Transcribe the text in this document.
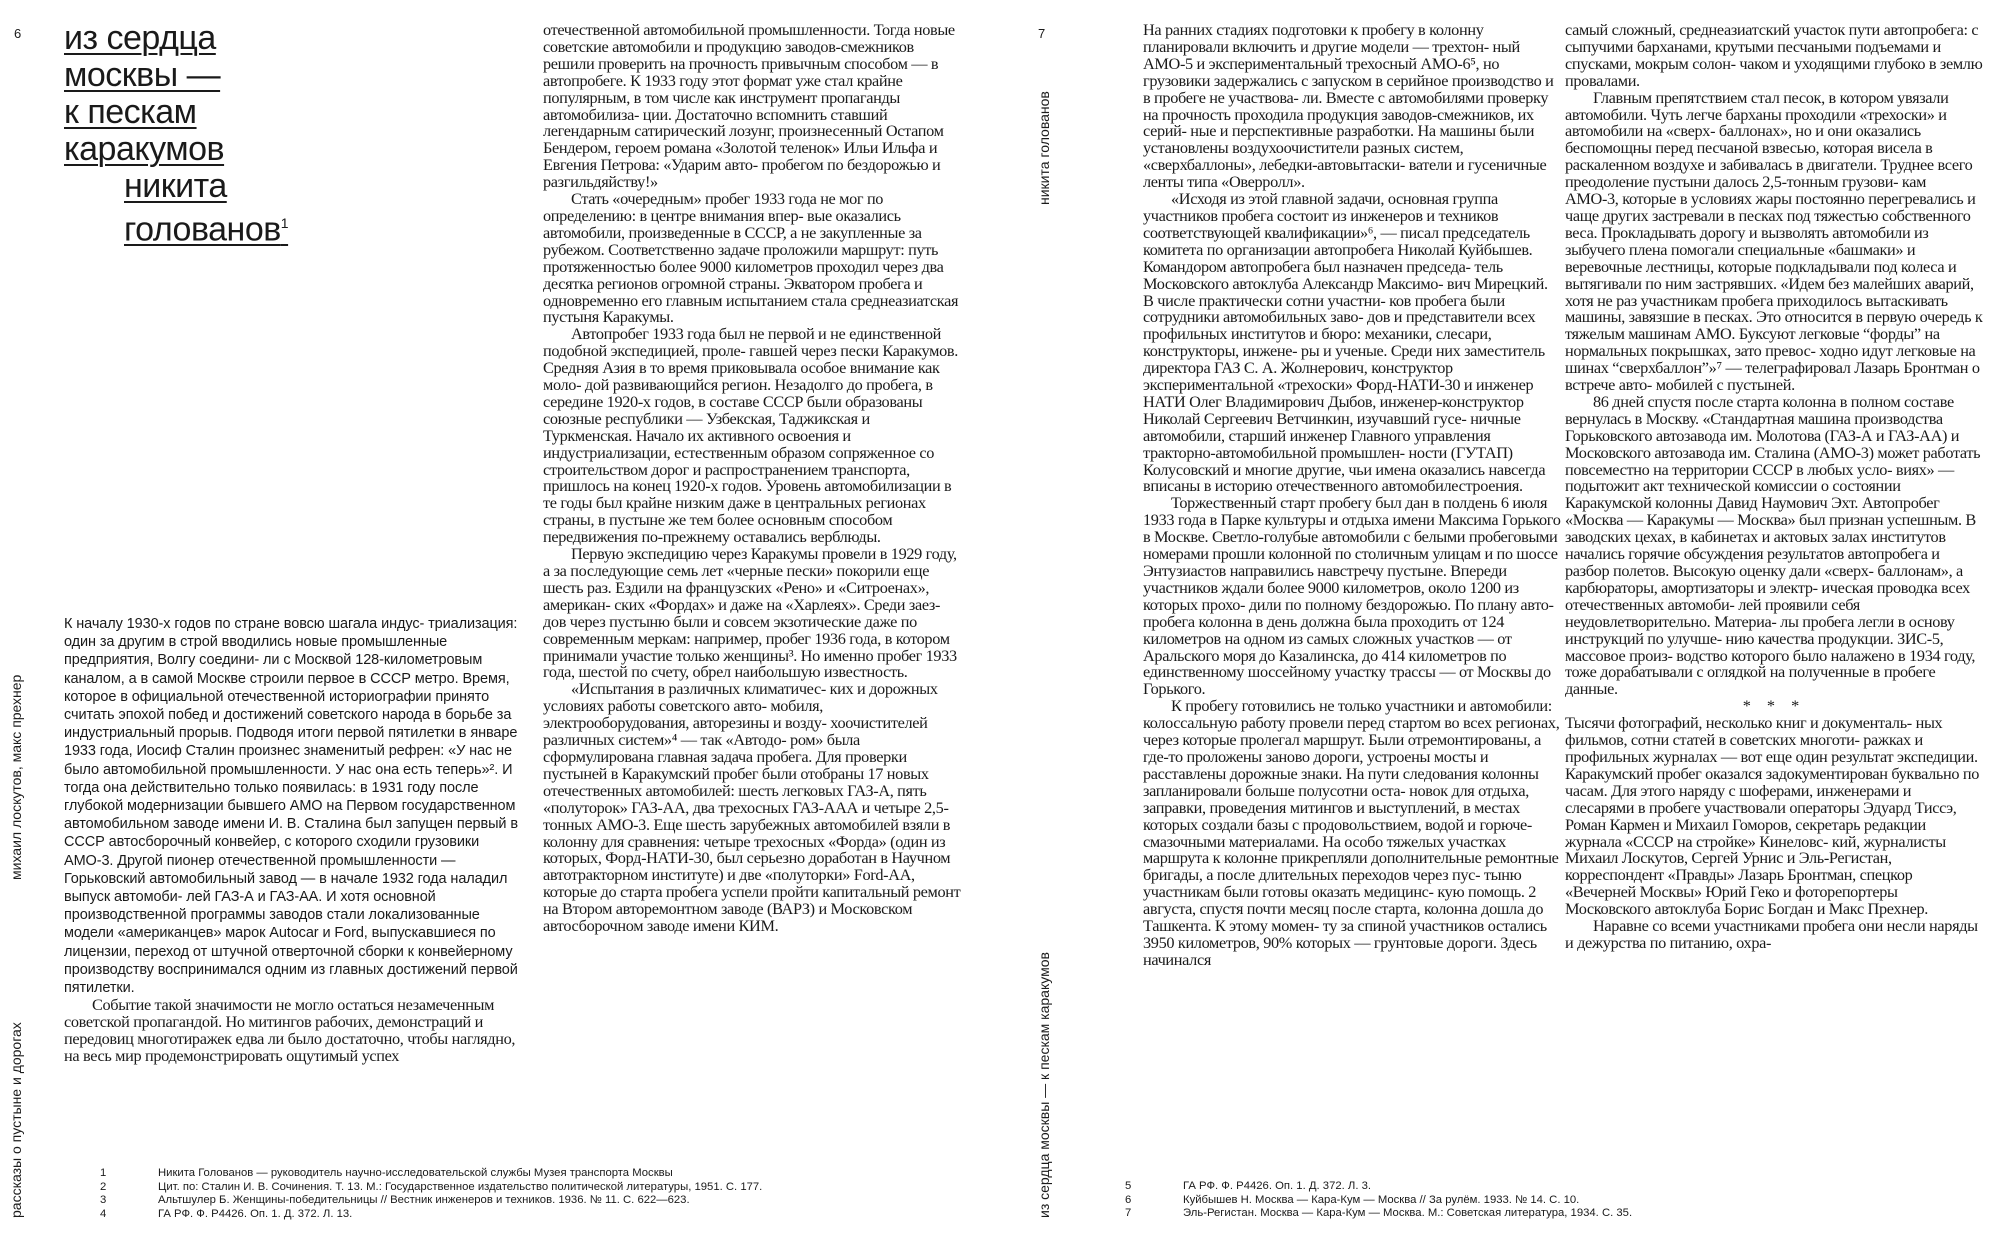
6 из сердца
москвы —
к пескам
каракумов
никита
голованов$^1$
рассказы о пустыне и дорогах
михаил лоскутов, макс прехнер

К началу 1930-х годов по стране вовсю шагала индус- триализация: один за другим в строй вводились новые промышленные предприятия, Волгу соедини- ли с Москвой 128-километровым каналом, а в самой Москве строили первое в СССР метро. Время, которое в официальной отечественной историографии принято считать эпохой побед и достижений советского народа в борьбе за индустриальный прорыв. Подводя итоги первой пятилетки в январе 1933 года, Иосиф Сталин произнес знаменитый рефрен: «У нас не было автомобильной промышленности. У нас она есть теперь»². И тогда она действительно только появилась: в 1931 году после глубокой модернизации бывшего АМО на Первом государственном автомобильном заводе имени И. В. Сталина был запущен первый в СССР автосборочный конвейер, с которого сходили грузовики АМО-3. Другой пионер отечественной промышленности — Горьковский автомобильный завод — в начале 1932 года наладил выпуск автомоби- лей ГАЗ-А и ГАЗ-АА. И хотя основной производственной программы заводов стали локализованные модели «американцев» марок Autocar и Ford, выпускавшиеся по лицензии, переход от штучной отверточной сборки к конвейерному производству воспринимался одним из главных достижений первой пятилетки.

Событие такой значимости не могло остаться незамеченным советской пропагандой. Но митингов рабочих, демонстраций и передовиц многотиражек едва ли было достаточно, чтобы наглядно, на весь мир продемонстрировать ощутимый успех

отечественной автомобильной промышленности. Тогда новые советские автомобили и продукцию заводов-смежников решили проверить на прочность привычным способом — в автопробеге. К 1933 году этот формат уже стал крайне популярным, в том числе как инструмент пропаганды автомобилиза- ции. Достаточно вспомнить ставший легендарным сатирический лозунг, произнесенный Остапом Бендером, героем романа «Золотой теленок» Ильи Ильфа и Евгения Петрова: «Ударим авто- пробегом по бездорожью и разгильдяйству!»

Стать «очередным» пробег 1933 года не мог по определению: в центре внимания впер- вые оказались автомобили, произведенные в СССР, а не закупленные за рубежом. Соответственно задаче проложили маршрут: путь протяженностью более 9000 километров проходил через два десятка регионов огромной страны. Экватором пробега и одновременно его главным испытанием стала среднеазиатская пустыня Каракумы.

Автопробег 1933 года был не первой и не единственной подобной экспедицией, проле- гавшей через пески Каракумов. Средняя Азия в то время приковывала особое внимание как моло- дой развивающийся регион. Незадолго до пробега, в середине 1920-х годов, в составе СССР были образованы союзные республики — Узбекская, Таджикская и Туркменская. Начало их активного освоения и индустриализации, естественным образом сопряженное со строительством дорог и распространением транспорта, пришлось на конец 1920-х годов. Уровень автомобилизации в те годы был крайне низким даже в центральных регионах страны, в пустыне же тем более основным способом передвижения по-прежнему оставались верблюды.

Первую экспедицию через Каракумы провели в 1929 году, а за последующие семь лет «черные пески» покорили еще шесть раз. Ездили на французских «Рено» и «Ситроенах», американ- ских «Фордах» и даже на «Харлеях». Среди заез- дов через пустыню были и совсем экзотические даже по современным меркам: например, пробег 1936 года, в котором принимали участие только женщины³. Но именно пробег 1933 года, шестой по счету, обрел наибольшую известность.

«Испытания в различных климатичес- ких и дорожных условиях работы советского авто- мобиля, электрооборудования, авторезины и возду- хоочистителей различных систем»⁴ — так «Автодо- ром» была сформулирована главная задача пробега. Для проверки пустыней в Каракумский пробег были отобраны 17 новых отечественных автомобилей: шесть легковых ГАЗ-А, пять «полуторок» ГАЗ-АА, два трехосных ГАЗ-ААА и четыре 2,5-тонных АМО-3. Еще шесть зарубежных автомобилей взяли в колонну для сравнения: четыре трехосных «Форда» (один из которых, Форд-НАТИ-30, был серьезно доработан в Научном автотракторном институте) и две «полуторки» Ford-AA, которые до старта пробега успели пройти капитальный ремонт на Втором авторемонтном заводе (ВАРЗ) и Московском автосборочном заводе имени КИМ.

1	Никита Голованов — руководитель научно-исследовательской службы Музея транспорта Москвы
2	Цит. по: Сталин И. В. Сочинения. Т. 13. М.: Государственное издательство политической литературы, 1951. С. 177.
3	Альтшулер Б. Женщины-победительницы // Вестник инженеров и техников. 1936. № 11. С. 622—623.
4	ГА РФ. Ф. Р4426. Оп. 1. Д. 372. Л. 13.
7
никита голованов
из сердца москвы — к пескам каракумов

На ранних стадиях подготовки к пробегу в колонну планировали включить и другие модели — трехтон- ный АМО-5 и экспериментальный трехосный АМО-6⁵, но грузовики задержались с запуском в серийное производство и в пробеге не участвова- ли. Вместе с автомобилями проверку на прочность проходила продукция заводов-смежников, их серий- ные и перспективные разработки. На машины были установлены воздухоочистители разных систем, «сверхбаллоны», лебедки-автовытаски- ватели и гусеничные ленты типа «Оверролл».

«Исходя из этой главной задачи, основная группа участников пробега состоит из инженеров и техников соответствующей квалификации»⁶, — писал председатель комитета по организации автопробега Николай Куйбышев. Командором автопробега был назначен председа- тель Московского автоклуба Александр Максимо- вич Мирецкий. В числе практически сотни участни- ков пробега были сотрудники автомобильных заво- дов и представители всех профильных институтов и бюро: механики, слесари, конструкторы, инжене- ры и ученые. Среди них заместитель директора ГАЗ С. А. Жолнерович, конструктор экспериментальной «трехоски» Форд-НАТИ-30 и инженер НАТИ Олег Владимирович Дыбов, инженер-конструктор Николай Сергеевич Ветчинкин, изучавший гусе- ничные автомобили, старший инженер Главного управления тракторно-автомобильной промышлен- ности (ГУТАП) Колусовский и многие другие, чьи имена оказались навсегда вписаны в историю отечественного автомобилестроения.

Торжественный старт пробегу был дан в полдень 6 июля 1933 года в Парке культуры и отдыха имени Максима Горького в Москве. Светло-голубые автомобили с белыми пробеговыми номерами прошли колонной по столичным улицам и по шоссе Энтузиастов направились навстречу пустыне. Впереди участников ждали более 9000 километров, около 1200 из которых прохо- дили по полному бездорожью. По плану авто- пробега колонна в день должна была проходить от 124 километров на одном из самых сложных участков — от Аральского моря до Казалинска, до 414 километров по единственному шоссейному участку трассы — от Москвы до Горького.

К пробегу готовились не только участники и автомобили: колоссальную работу провели перед стартом во всех регионах, через которые пролегал маршрут. Были отремонтированы, а где-то проложены заново дороги, устроены мосты и расставлены дорожные знаки. На пути следования колонны запланировали больше полусотни оста- новок для отдыха, заправки, проведения митингов и выступлений, в местах которых создали базы с продовольствием, водой и горюче-смазочными материалами. На особо тяжелых участках маршрута к колонне прикрепляли дополнительные ремонтные бригады, а после длительных переходов через пус- тыню участникам были готовы оказать медицинс- кую помощь. 2 августа, спустя почти месяц после старта, колонна дошла до Ташкента. К этому момен- ту за спиной участников остались 3950 километров, 90% которых — грунтовые дороги. Здесь начинался

самый сложный, среднеазиатский участок пути автопробега: с сыпучими барханами, крутыми песчаными подъемами и спусками, мокрым солон- чаком и уходящими глубоко в землю провалами.

Главным препятствием стал песок, в котором увязали автомобили. Чуть легче барханы проходили «трехоски» и автомобили на «сверх- баллонах», но и они оказались беспомощны перед песчаной взвесью, которая висела в раскаленном воздухе и забивалась в двигатели. Труднее всего преодоление пустыни далось 2,5-тонным грузови- кам АМО-3, которые в условиях жары постоянно перегревались и чаще других застревали в песках под тяжестью собственного веса. Прокладывать дорогу и вызволять автомобили из зыбучего плена помогали специальные «башмаки» и веревочные лестницы, которые подкладывали под колеса и вытягивали по ним застрявших. «Идем без малейших аварий, хотя не раз участникам пробега приходилось вытаскивать машины, завязшие в песках. Это относится в первую очередь к тяжелым машинам АМО. Буксуют легковые “форды” на нормальных покрышках, зато превос- ходно идут легковые на шинах “сверхбаллон”»⁷ — телеграфировал Лазарь Бронтман о встрече авто- мобилей с пустыней.

86 дней спустя после старта колонна в полном составе вернулась в Москву. «Стандартная машина производства Горьковского автозавода им. Молотова (ГАЗ-А и ГАЗ-АА) и Московского автозавода им. Сталина (АМО-3) может работать повсеместно на территории СССР в любых усло- виях» — подытожит акт технической комиссии о состоянии Каракумской колонны Давид Наумович Эхт. Автопробег «Москва — Каракумы — Москва» был признан успешным. В заводских цехах, в кабинетах и актовых залах институтов начались горячие обсуждения результатов автопробега и разбор полетов. Высокую оценку дали «сверх- баллонам», а карбюраторы, амортизаторы и электр- ическая проводка всех отечественных автомоби- лей проявили себя неудовлетворительно. Материа- лы пробега легли в основу инструкций по улучше- нию качества продукции. ЗИС-5, массовое произ- водство которого было налажено в 1934 году, тоже дорабатывали с оглядкой на полученные в пробеге данные.

* * *

Тысячи фотографий, несколько книг и документаль- ных фильмов, сотни статей в советских многоти- ражках и профильных журналах — вот еще один результат экспедиции. Каракумский пробег оказался задокументирован буквально по часам. Для этого наряду с шоферами, инженерами и слесарями в пробеге участвовали операторы Эдуард Тиссэ, Роман Кармен и Михаил Гоморов, секретарь редакции журнала «СССР на стройке» Кинеловс- кий, журналисты Михаил Лоскутов, Сергей Урнис и Эль-Регистан, корреспондент «Правды» Лазарь Бронтман, спецкор «Вечерней Москвы» Юрий Геко и фоторепортеры Московского автоклуба Борис Богдан и Макс Прехнер.

Наравне со всеми участниками пробега они несли наряды и дежурства по питанию, охра-

5	ГА РФ. Ф. Р4426. Оп. 1. Д. 372. Л. 3.
6	Куйбышев Н. Москва — Кара-Кум — Москва // За рулём. 1933. № 14. С. 10.
7	Эль-Регистан. Москва — Кара-Кум — Москва. М.: Советская литература, 1934. С. 35.
